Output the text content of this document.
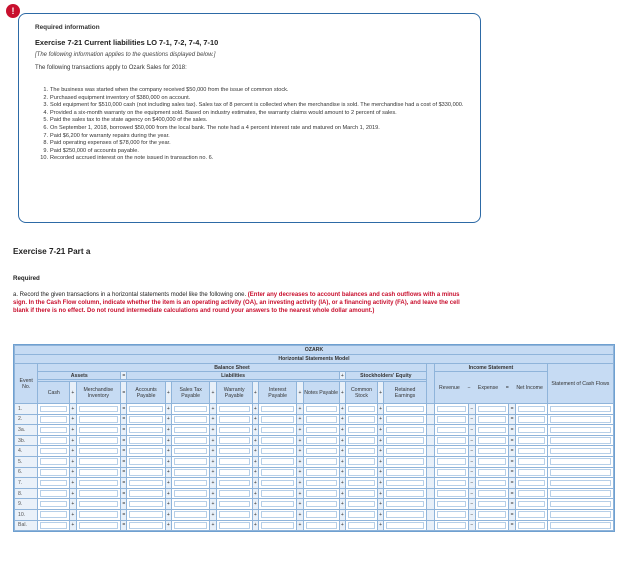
!
Required information
Exercise 7-21 Current liabilities LO 7-1, 7-2, 7-4, 7-10
[The following information applies to the questions displayed below.]
The following transactions apply to Ozark Sales for 2018:
1. The business was started when the company received $50,000 from the issue of common stock.
2. Purchased equipment inventory of $380,000 on account.
3. Sold equipment for $510,000 cash (not including sales tax). Sales tax of 8 percent is collected when the merchandise is sold. The merchandise had a cost of $330,000.
4. Provided a six-month warranty on the equipment sold. Based on industry estimates, the warranty claims would amount to 2 percent of sales.
5. Paid the sales tax to the state agency on $400,000 of the sales.
6. On September 1, 2018, borrowed $50,000 from the local bank. The note had a 4 percent interest rate and matured on March 1, 2019.
7. Paid $6,200 for warranty repairs during the year.
8. Paid operating expenses of $78,000 for the year.
9. Paid $250,000 of accounts payable.
10. Recorded accrued interest on the note issued in transaction no. 6.
Exercise 7-21 Part a
Required
a. Record the given transactions in a horizontal statements model like the following one. (Enter any decreases to account balances and cash outflows with a minus sign. In the Cash Flow column, indicate whether the item is an operating activity (OA), an investing activity (IA), or a financing activity (FA), and leave the cell blank if there is no effect. Do not round intermediate calculations and round your answers to the nearest whole dollar amount.)
OZARK																								
Horizontal Statements Model																								
Event No.	Balance Sheet																		Income Statement					Statement of Cash Flows
	Assets			=	Liabilities									+	Stockholders' Equity				Revenue − Expense = Net Income					

	Cash	+	Merchandise Inventory	=	Accounts Payable	+	Sales Tax Payable	+	Warranty Payable	+	Interest Payable	+	Notes Payable	+	Common Stock	+	Retained Earnings							
1.		+		=		+		+		+		+		+		+				−		=	

2.		+		=		+		+		+		+		+		+				−		=	

3a.		+		=		+		+		+		+		+		+				−		=	

3b.		+		=		+		+		+		+		+		+				−		=	

4.		+		=		+		+		+		+		+		+				−		=	

5.		+		=		+		+		+		+		+		+				−		=	

6.		+		=		+		+		+		+		+		+				−		=	

7.		+		=		+		+		+		+		+		+				−		=	

8.		+		=		+		+		+		+		+		+				−		=	

9.		+		=		+		+		+		+		+		+				−		=	

10.		+		=		+		+		+		+		+		+				−		=	

Bal.		+		=		+		+		+		+		+		+				−		=	
